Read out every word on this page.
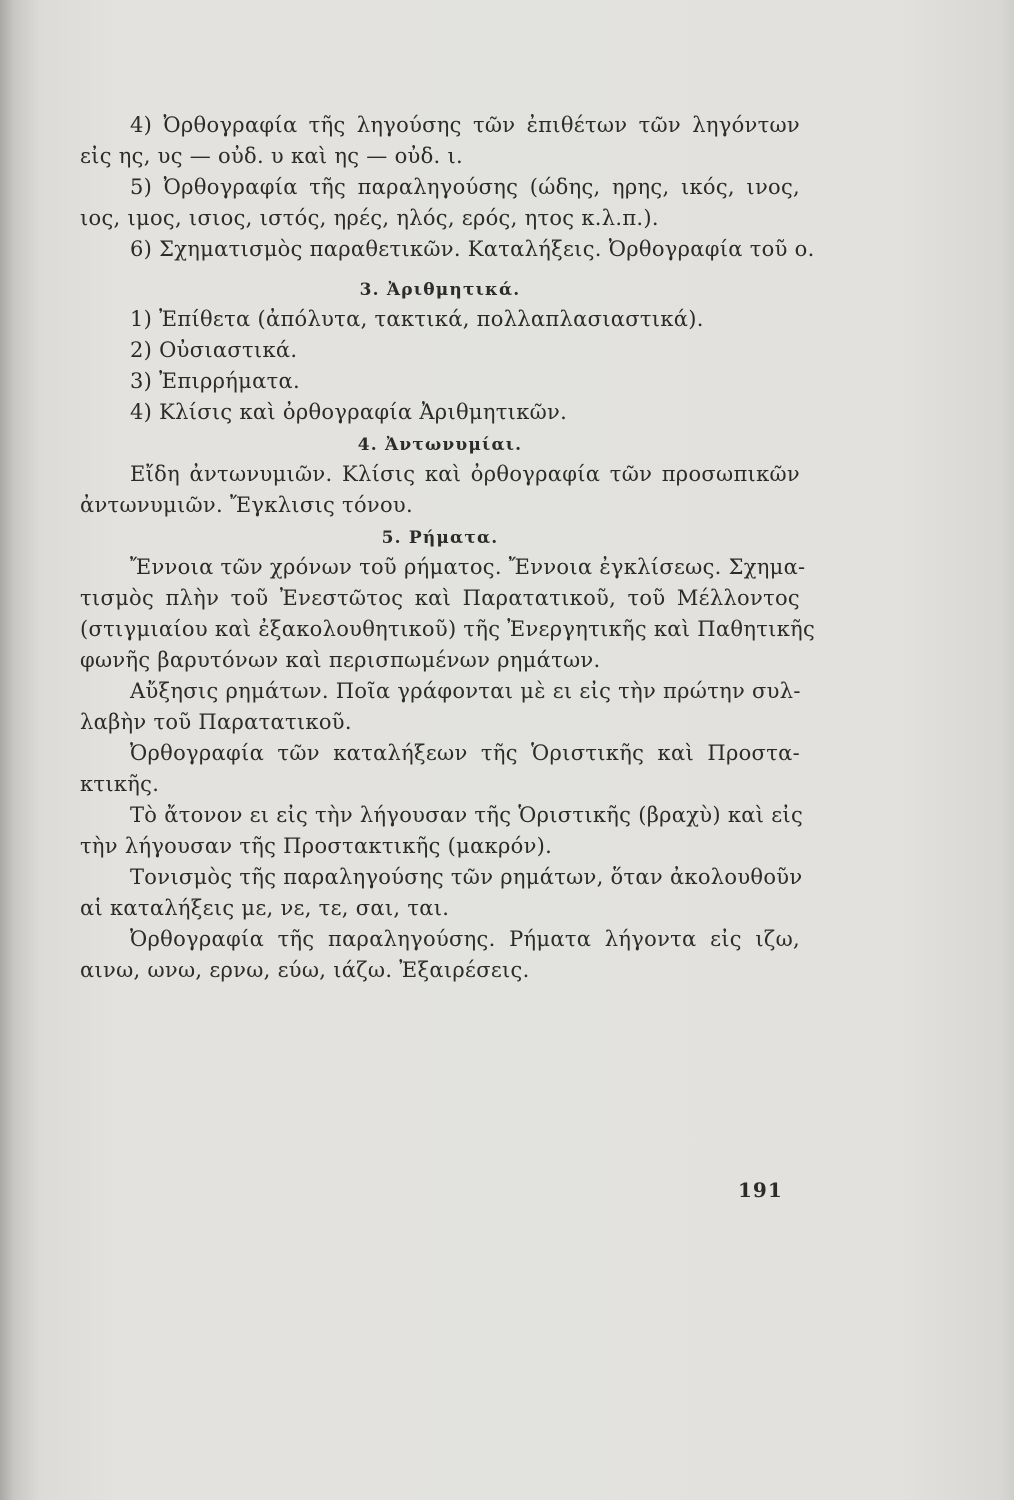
4) Ὀρθογραφία τῆς ληγούσης τῶν ἐπιθέτων τῶν ληγόντων
εἰς ης, υς — οὐδ. υ καὶ ης — οὐδ. ι.
5) Ὀρθογραφία τῆς παραληγούσης (ώδης, ηρης, ικός, ινος,
ιος, ιμος, ισιος, ιστός, ηρές, ηλός, ερός, ητος κ.λ.π.).
6) Σχηματισμὸς παραθετικῶν. Καταλήξεις. Ὀρθογραφία τοῦ ο.
3. Ἀριθμητικά.
1) Ἐπίθετα (ἀπόλυτα, τακτικά, πολλαπλασιαστικά).
2) Οὐσιαστικά.
3) Ἐπιρρήματα.
4) Κλίσις καὶ ὀρθογραφία Ἀριθμητικῶν.
4. Ἀντωνυμίαι.
Εἴδη ἀντωνυμιῶν. Κλίσις καὶ ὀρθογραφία τῶν προσωπικῶν
ἀντωνυμιῶν. Ἔγκλισις τόνου.
5. Ρήματα.
Ἔννοια τῶν χρόνων τοῦ ρήματος. Ἔννοια ἐγκλίσεως. Σχημα-
τισμὸς πλὴν τοῦ Ἐνεστῶτος καὶ Παρατατικοῦ, τοῦ Μέλλοντος
(στιγμιαίου καὶ ἐξακολουθητικοῦ) τῆς Ἐνεργητικῆς καὶ Παθητικῆς
φωνῆς βαρυτόνων καὶ περισπωμένων ρημάτων.
Αὔξησις ρημάτων. Ποῖα γράφονται μὲ ει εἰς τὴν πρώτην συλ-
λαβὴν τοῦ Παρατατικοῦ.
Ὀρθογραφία τῶν καταλήξεων τῆς Ὁριστικῆς καὶ Προστα-
κτικῆς.
Τὸ ἄτονον ει εἰς τὴν λήγουσαν τῆς Ὁριστικῆς (βραχὺ) καὶ εἰς
τὴν λήγουσαν τῆς Προστακτικῆς (μακρόν).
Τονισμὸς τῆς παραληγούσης τῶν ρημάτων, ὅταν ἀκολουθοῦν
αἱ καταλήξεις με, νε, τε, σαι, ται.
Ὀρθογραφία τῆς παραληγούσης. Ρήματα λήγοντα εἰς ιζω,
αινω, ωνω, ερνω, εύω, ιάζω. Ἐξαιρέσεις.
191
